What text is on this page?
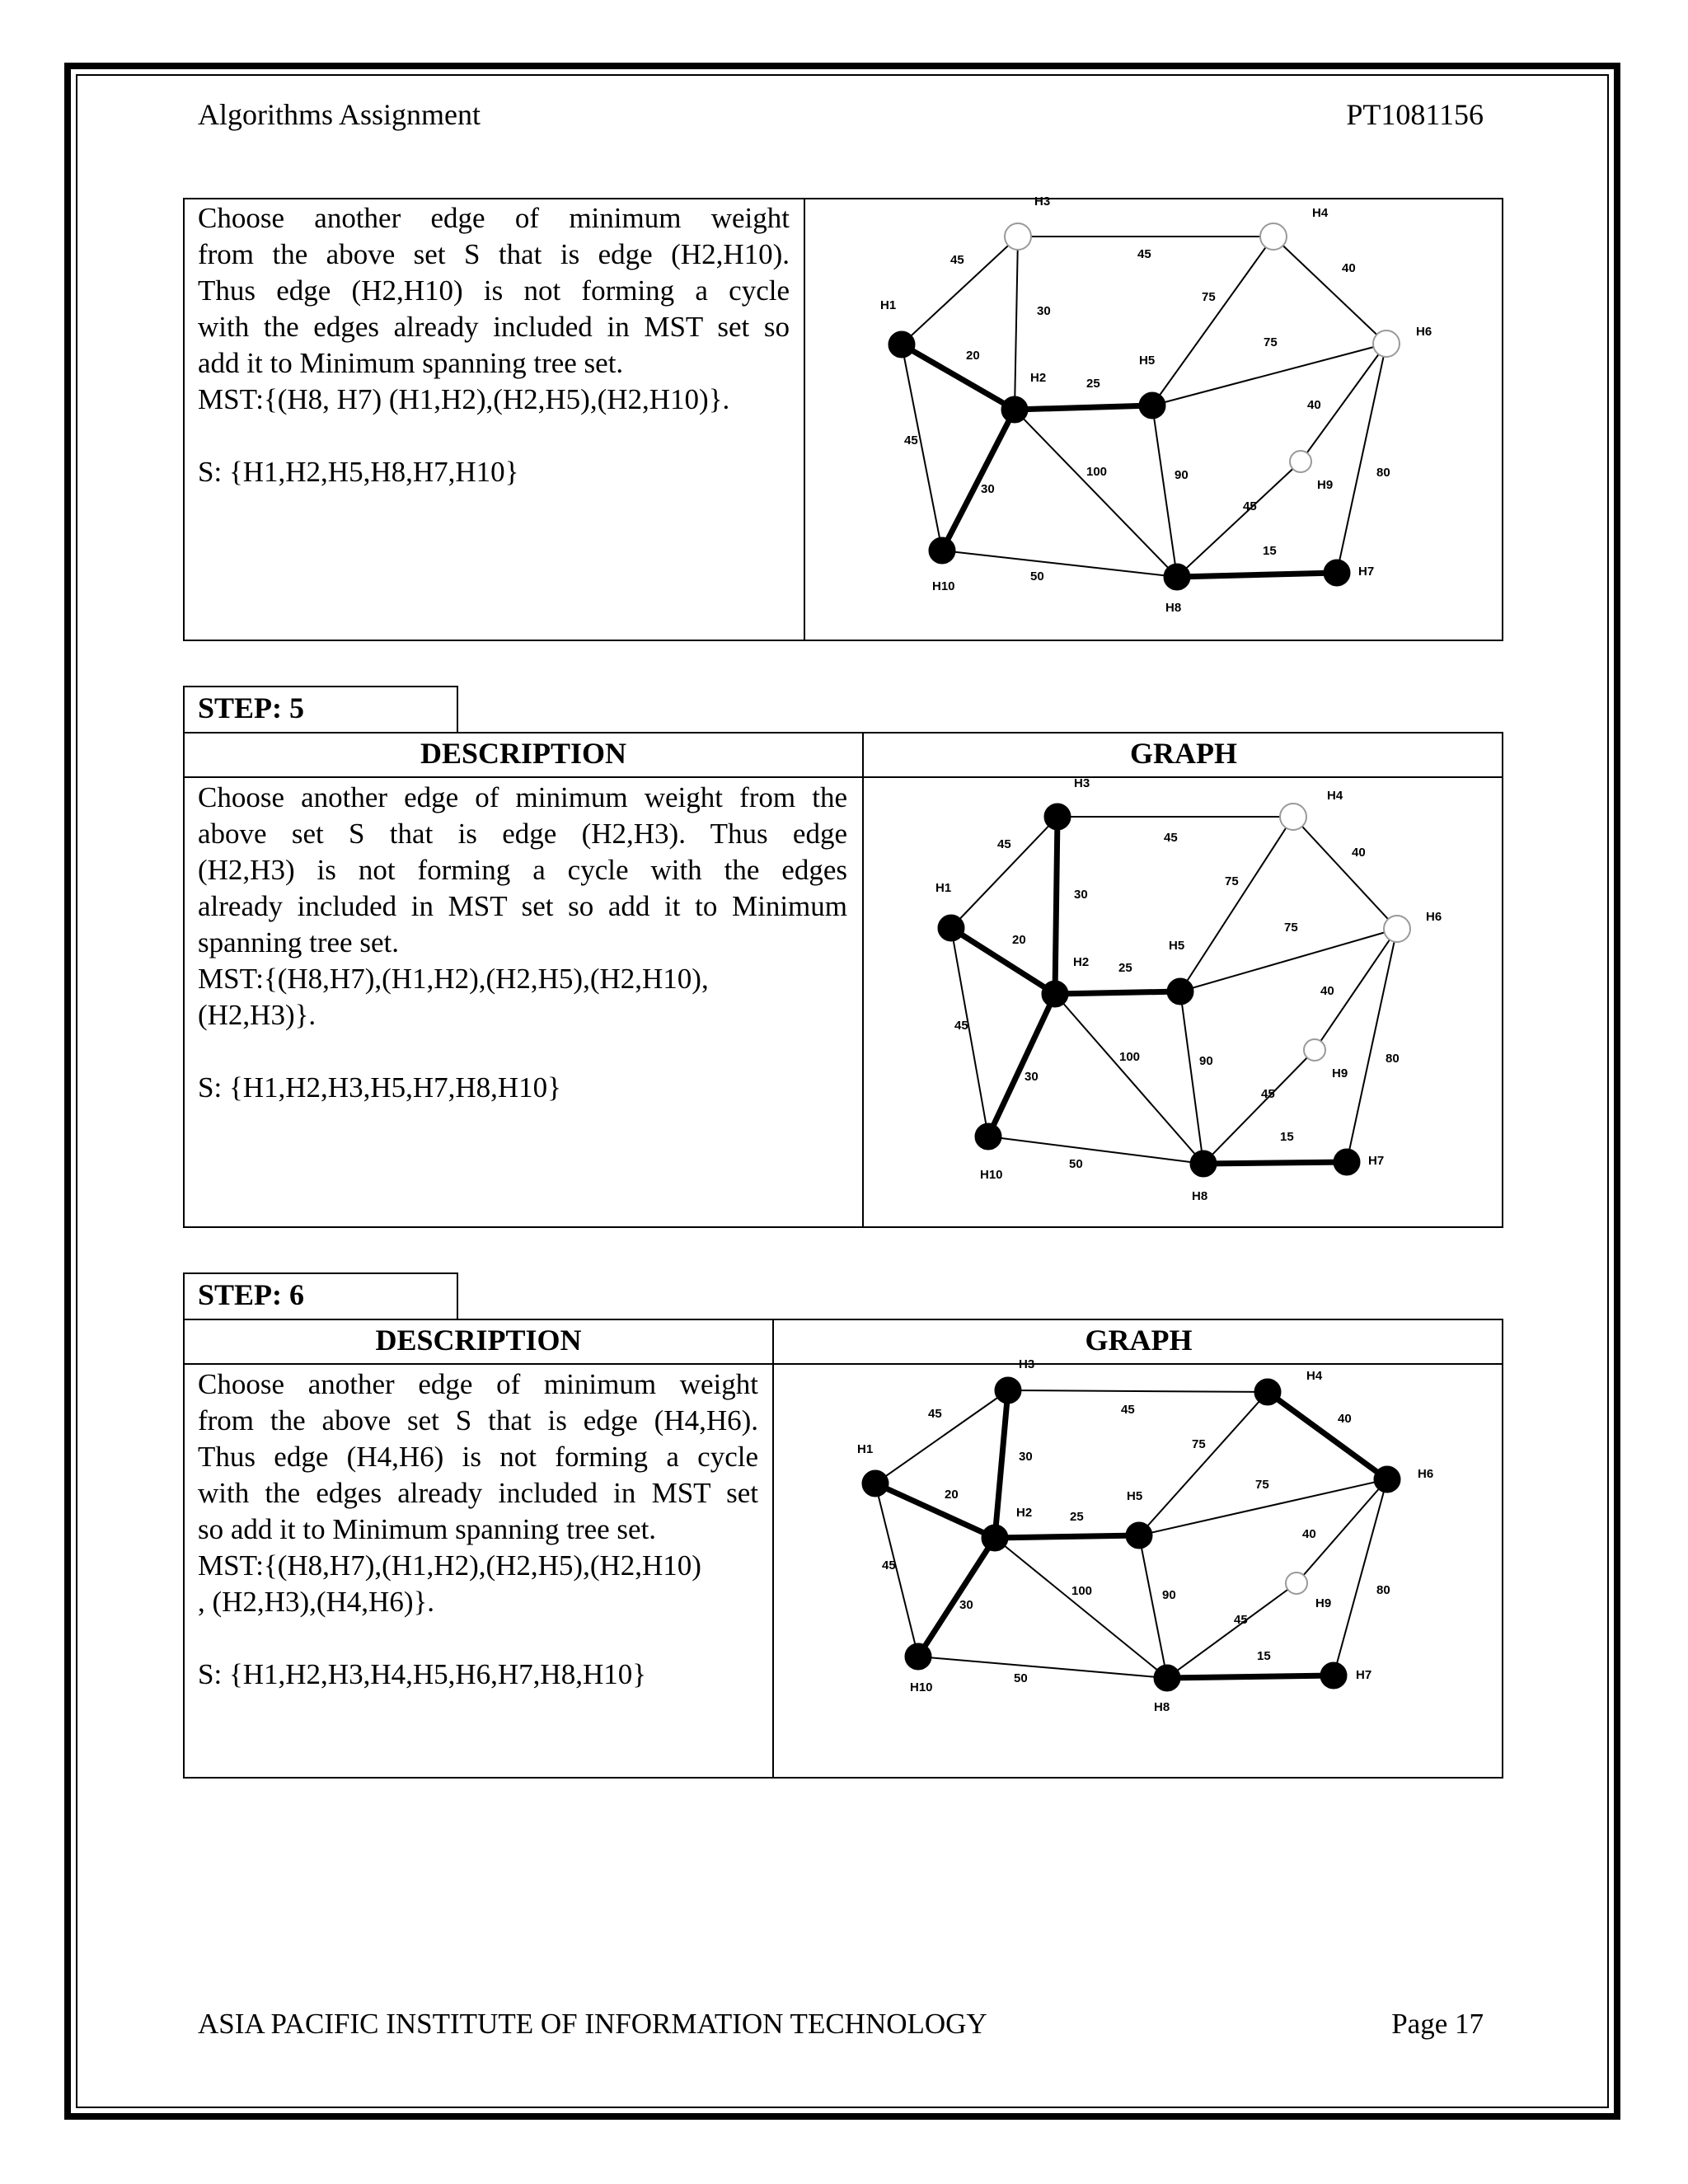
Algorithms Assignment	PT1081156
Choose another edge of minimum weight
from the above set S that is edge (H2,H10).
Thus edge (H2,H10) is not forming a cycle
with the edges already included in MST set so
add it to Minimum spanning tree set.
MST:{(H8, H7) (H1,H2),(H2,H5),(H2,H10)}.

S: {H1,H2,H5,H8,H7,H10}
45	45
40
30
75
75
20
25
40
45
100	90	80
30
45
15
50
H1
H2
H3
H4
H5
H6
H7
H8
H9
H10
STEP: 5
DESCRIPTION	GRAPH
Choose another edge of minimum weight from the
above set S that is edge (H2,H3). Thus edge
(H2,H3) is not forming a cycle with the edges
already included in MST set so add it to Minimum
spanning tree set.
MST:{(H8,H7),(H1,H2),(H2,H5),(H2,H10),
(H2,H3)}.

S: {H1,H2,H3,H5,H7,H8,H10}
45	45
40
30
75
75
20
25
40
45
100	90	80
30
45
15
50
H1
H2
H3
H4
H5
H6
H7
H8
H9
H10
STEP: 6
DESCRIPTION	GRAPH
Choose another edge of minimum weight
from the above set S that is edge (H4,H6).
Thus edge (H4,H6) is not forming a cycle
with the edges already included in MST set
so add it to Minimum spanning tree set.
MST:{(H8,H7),(H1,H2),(H2,H5),(H2,H10)
, (H2,H3),(H4,H6)}.

S: {H1,H2,H3,H4,H5,H6,H7,H8,H10}
45	45
40
30
75
75
20
25
40
45
100	90	80
30
45
15
50
H1
H2
H3
H4
H5
H6
H7
H8
H9
H10
ASIA PACIFIC INSTITUTE OF INFORMATION TECHNOLOGY	Page 17
